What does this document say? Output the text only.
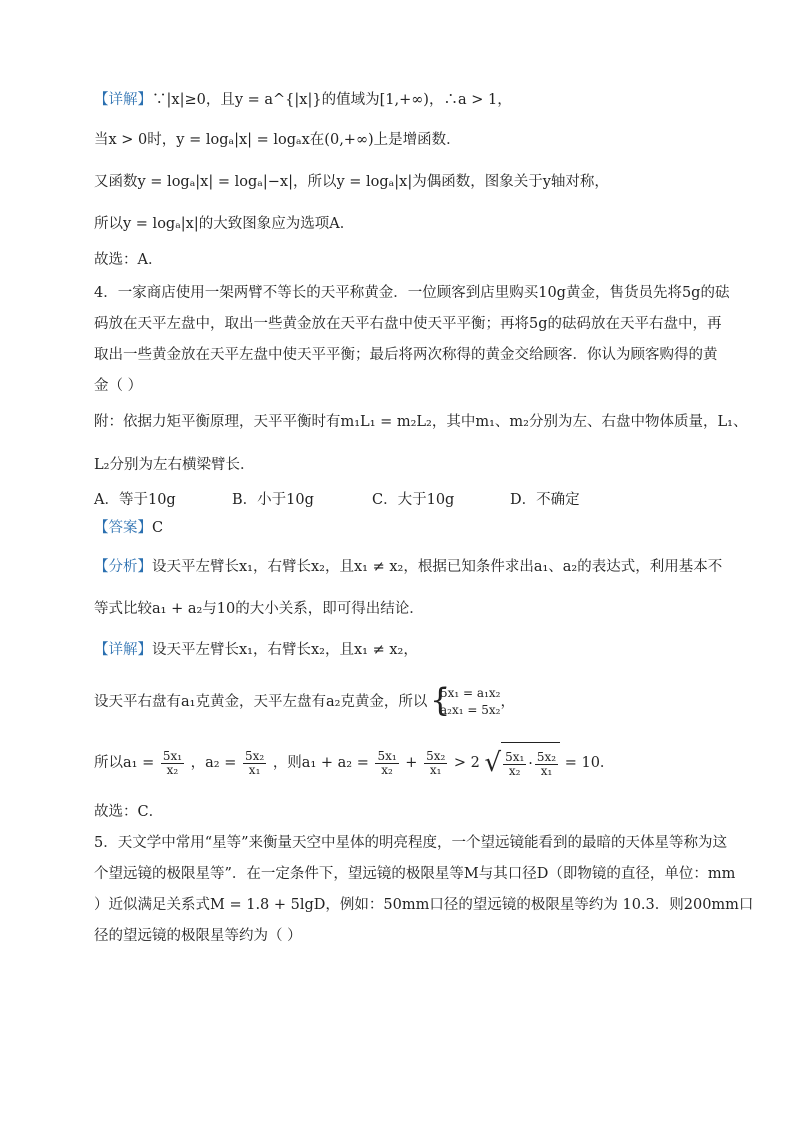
【详解】∵|x|≥0，且y = a^{|x|}的值域为[1,+∞)，∴a > 1，
当x > 0时，y = logₐ|x| = logₐx在(0,+∞)上是增函数．
又函数y = logₐ|x| = logₐ|−x|，所以y = logₐ|x|为偶函数，图象关于y轴对称，
所以y = logₐ|x|的大致图象应为选项A．
故选：A．
4．一家商店使用一架两臂不等长的天平称黄金．一位顾客到店里购买10g黄金，售货员先将5g的砝
码放在天平左盘中，取出一些黄金放在天平右盘中使天平平衡；再将5g的砝码放在天平右盘中，再
取出一些黄金放在天平左盘中使天平平衡；最后将两次称得的黄金交给顾客．你认为顾客购得的黄
金（ ）
附：依据力矩平衡原理，天平平衡时有m₁L₁ = m₂L₂，其中m₁、m₂分别为左、右盘中物体质量，L₁、
L₂分别为左右横梁臂长．
A．等于10g	B．小于10g	C．大于10g	D．不确定
【答案】C
【分析】设天平左臂长x₁，右臂长x₂，且x₁ ≠ x₂，根据已知条件求出a₁、a₂的表达式，利用基本不
等式比较a₁ + a₂与10的大小关系，即可得出结论．
【详解】设天平左臂长x₁，右臂长x₂，且x₁ ≠ x₂，
设天平右盘有a₁克黄金，天平左盘有a₂克黄金，所以 {
5x₁ = a₁x₂
a₂x₁ = 5x₂ ，
所以$a_1 = \frac{\text{5x₁}}{\text{x₂}}$ ，$a_2 = \frac{\text{5x₂}}{\text{x₁}}$ ，则$a_1 + a_2 = \frac{\text{5x₁}}{\text{x₂}} + \frac{\text{5x₂}}{\text{x₁}} > 2$ √ $\frac{\text{5x₁}}{\text{x₂}} \cdot \frac{\text{5x₂}}{\text{x₁}} = 10$．
故选：C．
5．天文学中常用“星等”来衡量天空中星体的明亮程度，一个望远镜能看到的最暗的天体星等称为这
个望远镜的极限星等”．在一定条件下，望远镜的极限星等M与其口径D（即物镜的直径，单位：mm
）近似满足关系式M = 1.8 + 5lgD，例如：50mm口径的望远镜的极限星等约为 10.3．则200mm口
径的望远镜的极限星等约为（ ）
